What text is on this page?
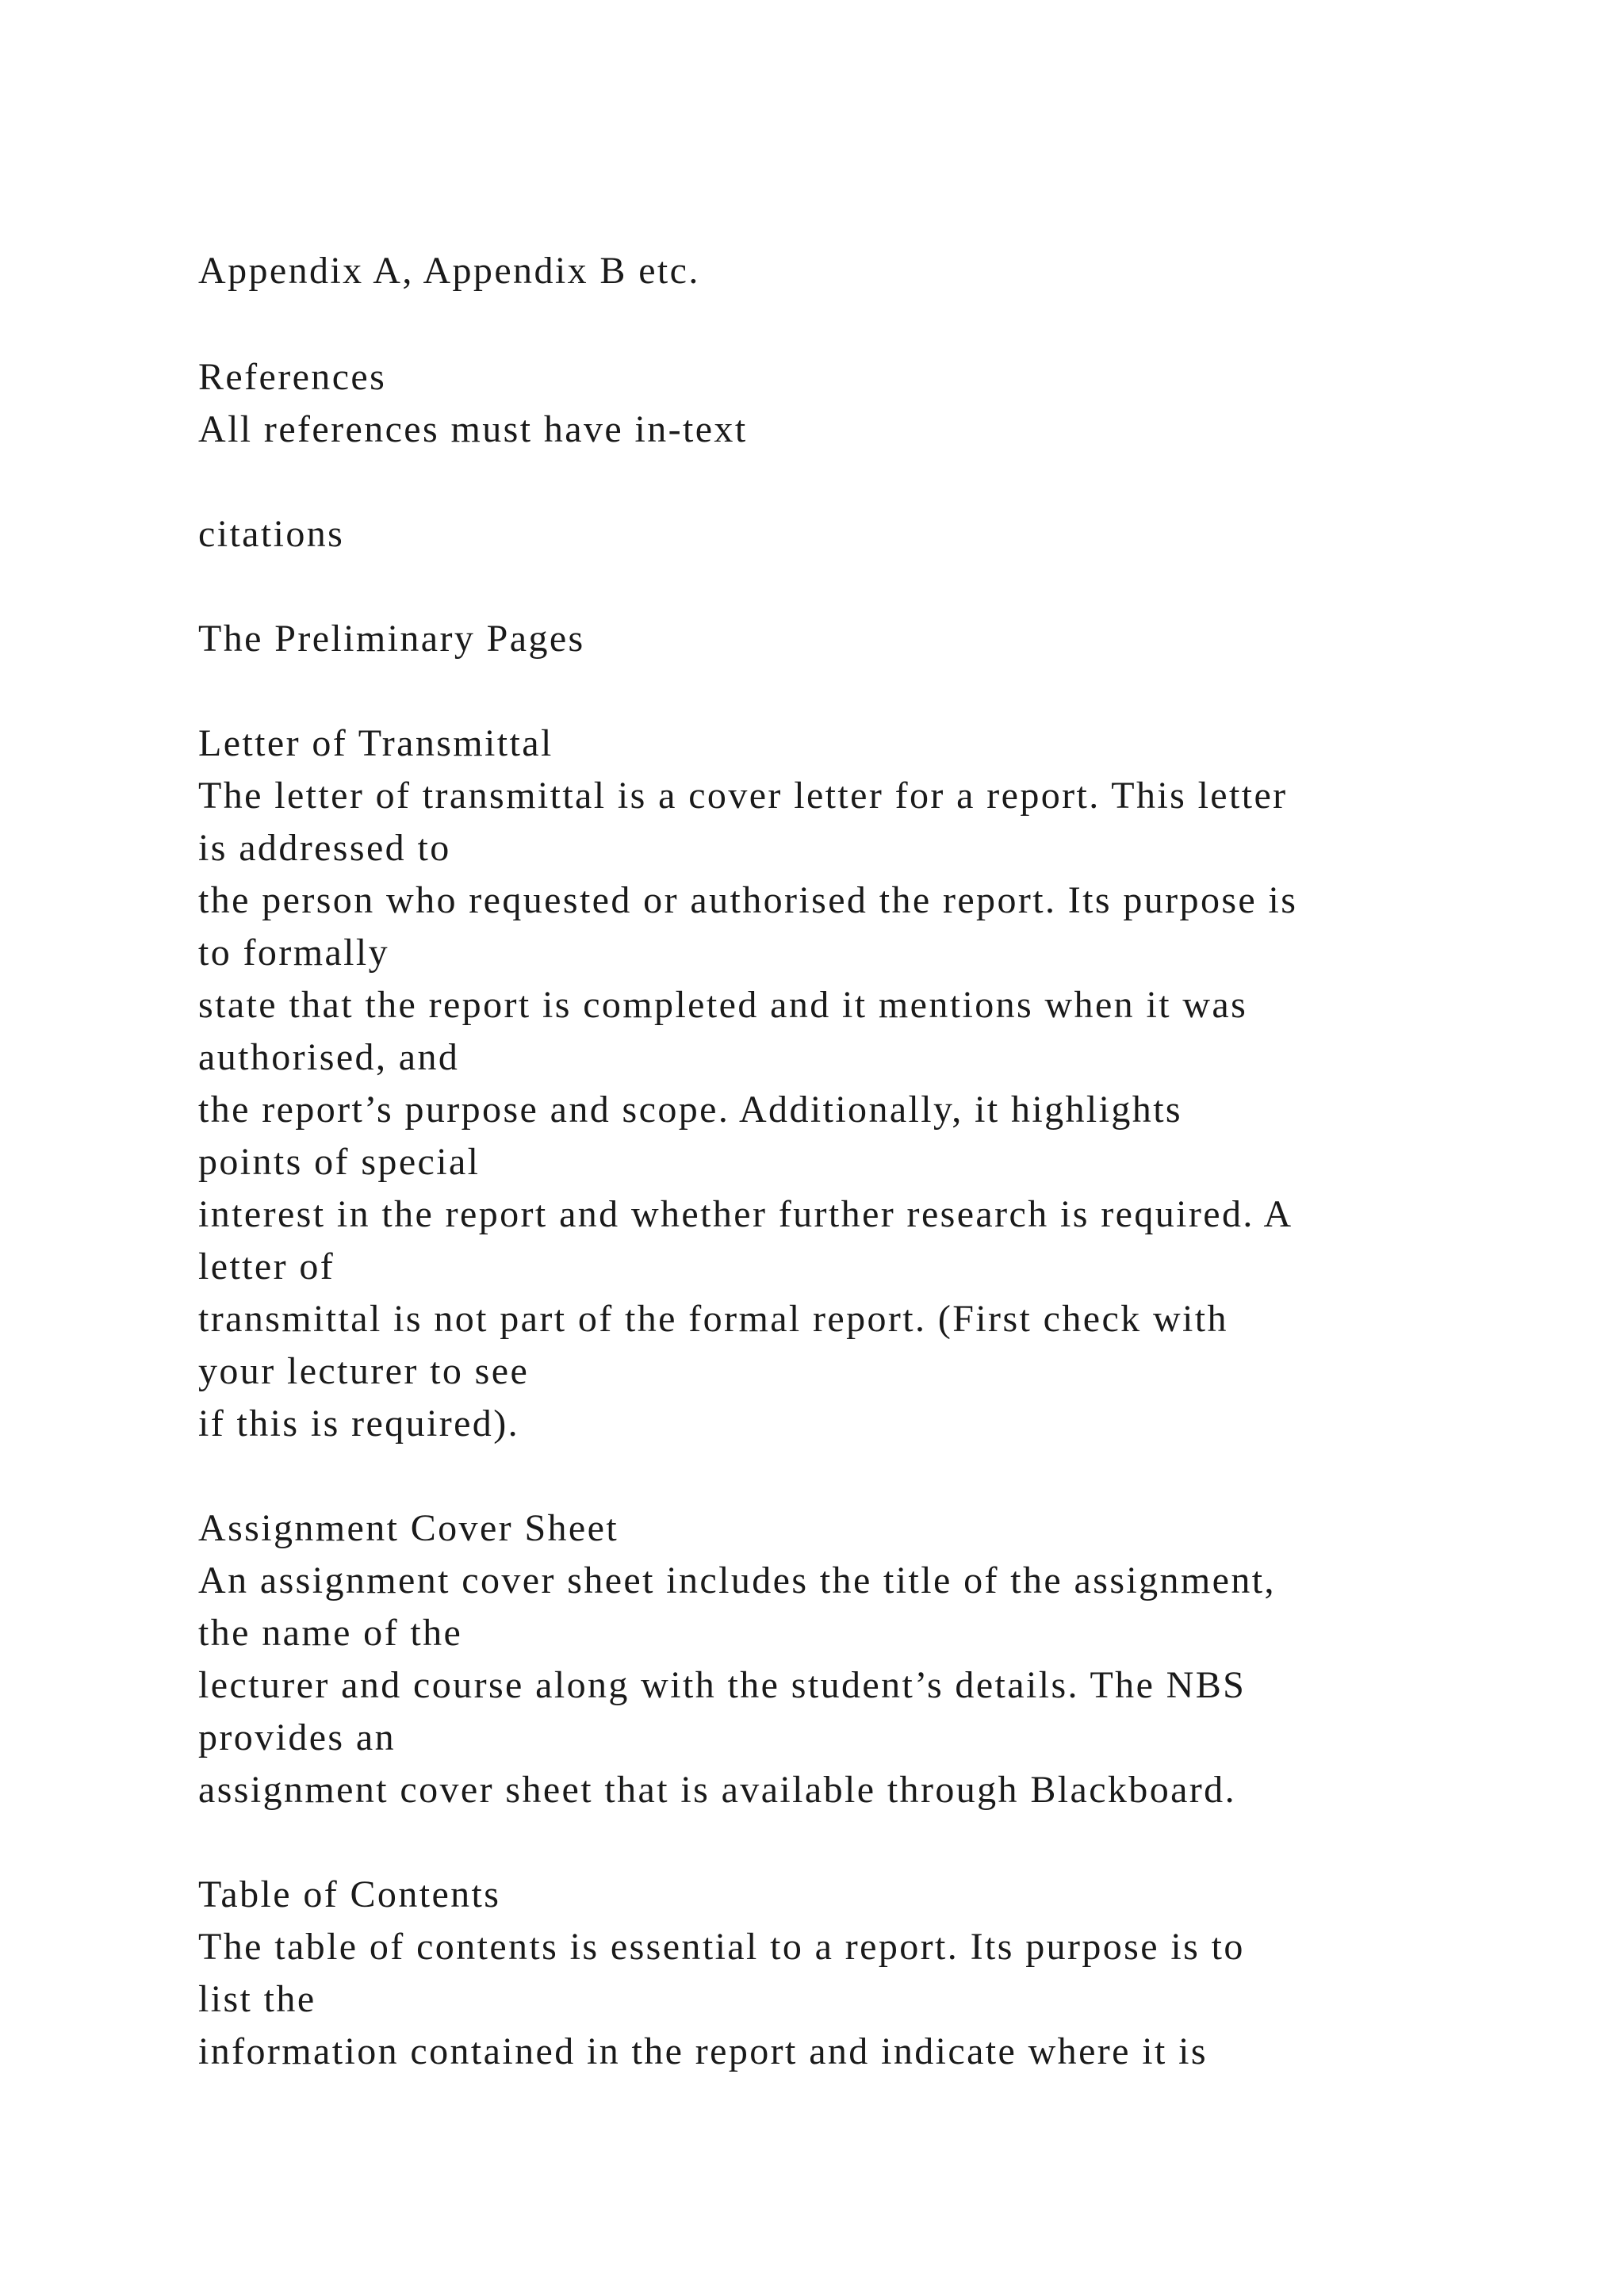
Appendix A, Appendix B etc.

References

All references must have in-text

citations

The Preliminary Pages

Letter of Transmittal

The letter of transmittal is a cover letter for a report. This letter

is addressed to

the person who requested or authorised the report. Its purpose is

to formally

state that the report is completed and it mentions when it was

authorised, and

the report’s purpose and scope. Additionally, it highlights

points of special

interest in the report and whether further research is required. A

letter of

transmittal is not part of the formal report. (First check with

your lecturer to see

if this is required).

Assignment Cover Sheet

An assignment cover sheet includes the title of the assignment,

the name of the

lecturer and course along with the student’s details. The NBS

provides an

assignment cover sheet that is available through Blackboard.

Table of Contents

The table of contents is essential to a report. Its purpose is to

list the

information contained in the report and indicate where it is
